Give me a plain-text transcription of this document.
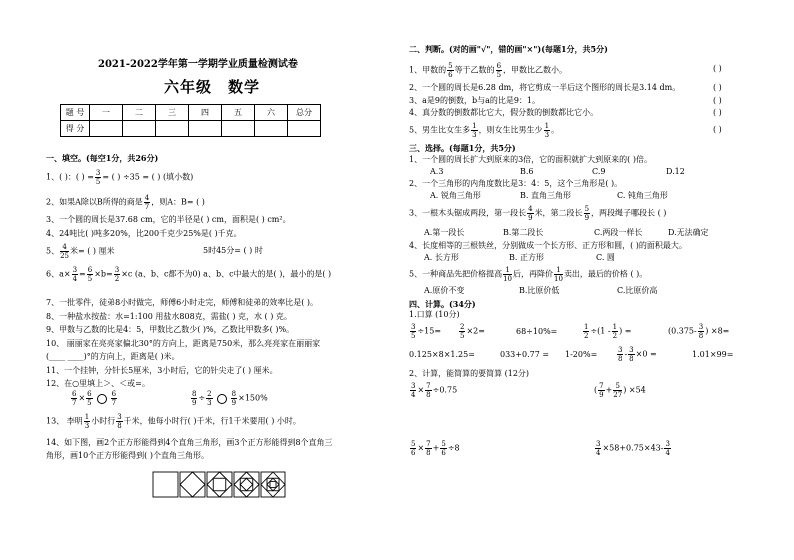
2021-2022学年第一学期学业质量检测试卷
六年级　数学
题 号	一	二	三	四	五	六	总分
得 分							
一、填空。(每空1分，共26分)
1、( )：( ) = $\frac{3}{5}$ = ( ) ÷35 = ( ) (填小数)
2、如果A除以B所得的商是 $\frac{4}{7}$ ，则A：B= ( )
3、一个圆的周长是37.68 cm，它的半径是( ) cm，面积是( ) cm²。
4、24吨比( )吨多20%，比200千克少25%是( )千克。
5、 $\frac{4}{25}$ 米= ( ) 厘米	5时45分= ( ) 时
6、$a\times \frac{3}{4} = \frac{6}{5} \times b= \frac{3}{2} \times c$ (a、b、c都不为0) a、b、c中最大的是( )，最小的是( )
7、一批零件，徒弟8小时做完，师傅6小时走完，师傅和徒弟的效率比是( )。
8、一种盐水按盐：水=1:100 用盐水808克，需盐( ) 克，水 ( ) 克。
9、甲数与乙数的比是4：5，甲数比乙数少( )%，乙数比甲数多( )%。
10、 丽丽家在亮亮家偏北30°的方向上，距离是750米，那么亮亮家在丽丽家
(____ ____)°的方向上，距离是( )米。
11、一个挂钟，分针长5厘米，3小时后，它的针尖走了( ) 厘米。
12、在○里填上＞、＜或=。
$\frac{6}{7} \times \frac{6}{5}$	$\frac{6}{7}$	$\frac{8}{9} \div \frac{2}{3}$	$\frac{8}{9} \times 150\%$
13、 李明 $\frac{1}{3}$ 小时行 $\frac{3}{8}$ 千米，他每小时行( )千米，行1千米要用( ) 小时。
14、如下图，画2个正方形能得到4个直角三角形，画3个正方形能得到8个直角三
角形，画10个正方形能得到( )个直角三角形。
二、判断。(对的画"√"，错的画"×")(每题1分，共5分)
1、甲数的 $\frac{5}{6}$ 等于乙数的 $\frac{6}{5}$ ，甲数比乙数小。	( )
2、一个圆的周长是6.28 dm，将它剪成一半后这个图形的周长是3.14 dm。	( )
3、a是9的倒数，b与a的比是9：1。	( )
4、真分数的倒数都比它大，假分数的倒数都比它小。	( )
5、男生比女生多 $\frac{1}{3}$ ，则女生比男生少 $\frac{1}{3}$ 。	( )
三、选择。(每题1分，共5分)
1、一个圆的周长扩大到原来的3倍，它的面积就扩大到原来的( )倍。
A.3	B.6	C.9	D.12
2、一个三角形的内角度数比是3：4：5，这个三角形是( )。
A. 锐角三角形	B. 直角三角形	C. 钝角三角形
3、一根木头锯成两段，第一段长 $\frac{4}{9}$ 米，第二段长 $\frac{5}{9}$ ，两段绳子哪段长 ( )
A.第一段长	B.第二段长	C.两段一样长	D.无法确定
4、长度相等的三根铁丝，分别做成一个长方形、正方形和圆，( )的面积最大。
A. 长方形	B. 正方形	C. 圆
5、一种商品先把价格提高 $\frac{1}{10}$ 后，再降价 $\frac{1}{10}$ 卖出，最后的价格 ( )。
A.原价不变	B.比原价低	C.比原价高
四、计算。(34分)
1.口算 (10分)
$\frac{3}{5} \div 15=$	$\frac{2}{5} \times 2=$	68÷10%=	$\frac{1}{2} \div(1 - \frac{1}{2}$ ) =	($0.375- \frac{3}{8}$ ) ×8=
0.125×8×1.25=	033+0.77 = 1-20%=	$\frac{3}{8} - \frac{3}{8} \times 0$ =	1.01×99=
2、计算，能简算的要简算 (12分)
$\frac{3}{4} \times \frac{7}{8} \div 0.75$	( $\frac{7}{9} + \frac{5}{27}$ ) ×54
$\frac{5}{6} \times \frac{7}{8} + \frac{5}{6} \div 8$	$\frac{3}{4} \times 58+0.75\times 43- \frac{3}{4}$
